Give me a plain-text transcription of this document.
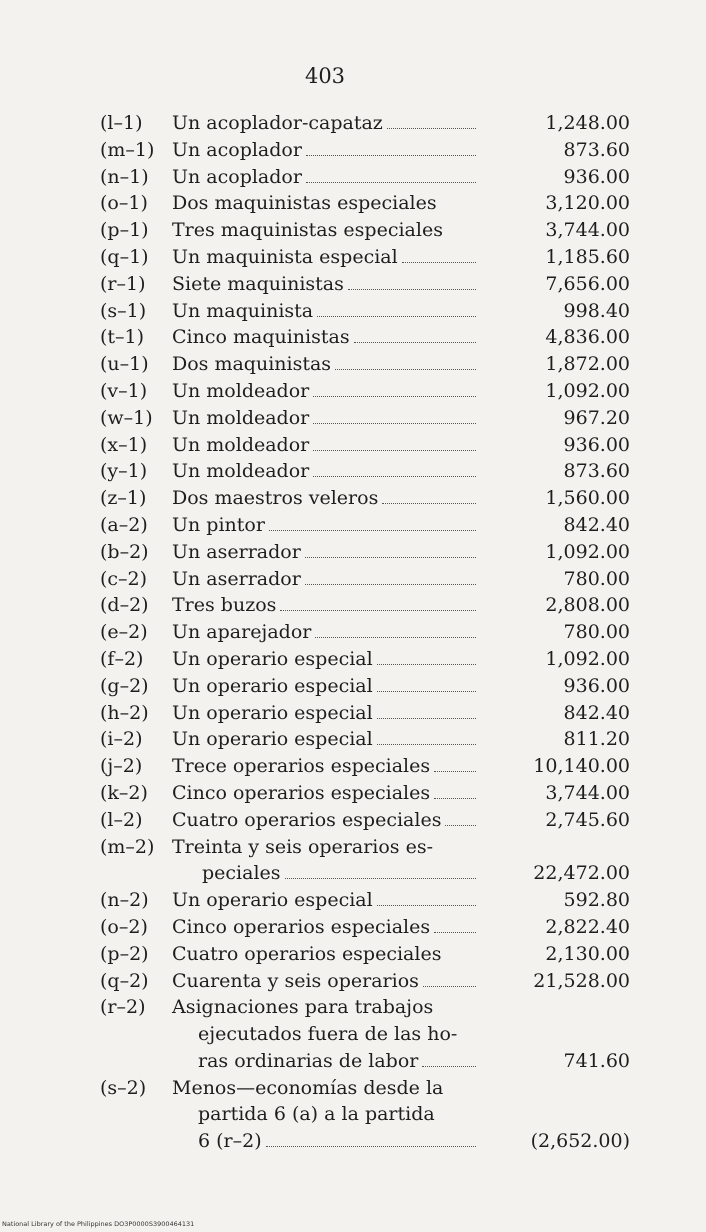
403
(l–1)	Un acoplador-capataz	1,248.00
(m–1) Un acoplador	873.60
(n–1)	Un acoplador	936.00
(o–1)	Dos maquinistas especiales	3,120.00
(p–1)	Tres maquinistas especiales	3,744.00
(q–1)	Un maquinista especial	1,185.60
(r–1)	Siete maquinistas	7,656.00
(s–1)	Un maquinista	998.40
(t–1)	Cinco maquinistas	4,836.00
(u–1)	Dos maquinistas	1,872.00
(v–1)	Un moldeador	1,092.00
(w–1)	Un moldeador	967.20
(x–1)	Un moldeador	936.00
(y–1)	Un moldeador	873.60
(z–1)	Dos maestros veleros	1,560.00
(a–2)	Un pintor	842.40
(b–2)	Un aserrador	1,092.00
(c–2)	Un aserrador	780.00
(d–2)	Tres buzos	2,808.00
(e–2)	Un aparejador	780.00
(f–2)	Un operario especial	1,092.00
(g–2)	Un operario especial	936.00
(h–2)	Un operario especial	842.40
(i–2)	Un operario especial	811.20
(j–2)	Trece operarios especiales	10,140.00
(k–2)	Cinco operarios especiales	3,744.00
(l–2)	Cuatro operarios especiales	2,745.60
(m–2) Treinta y seis operarios es-
peciales	22,472.00
(n–2)	Un operario especial	592.80
(o–2)	Cinco operarios especiales	2,822.40
(p–2)	Cuatro operarios especiales	2,130.00
(q–2)	Cuarenta y seis operarios	21,528.00
(r–2)	Asignaciones para trabajos
ejecutados fuera de las ho-
ras ordinarias de labor	741.60
(s–2)	Menos—economías desde la
partida 6 (a) a la partida
6 (r–2)	(2,652.00)
National Library of the Philippines DO3P0000S3900464131
